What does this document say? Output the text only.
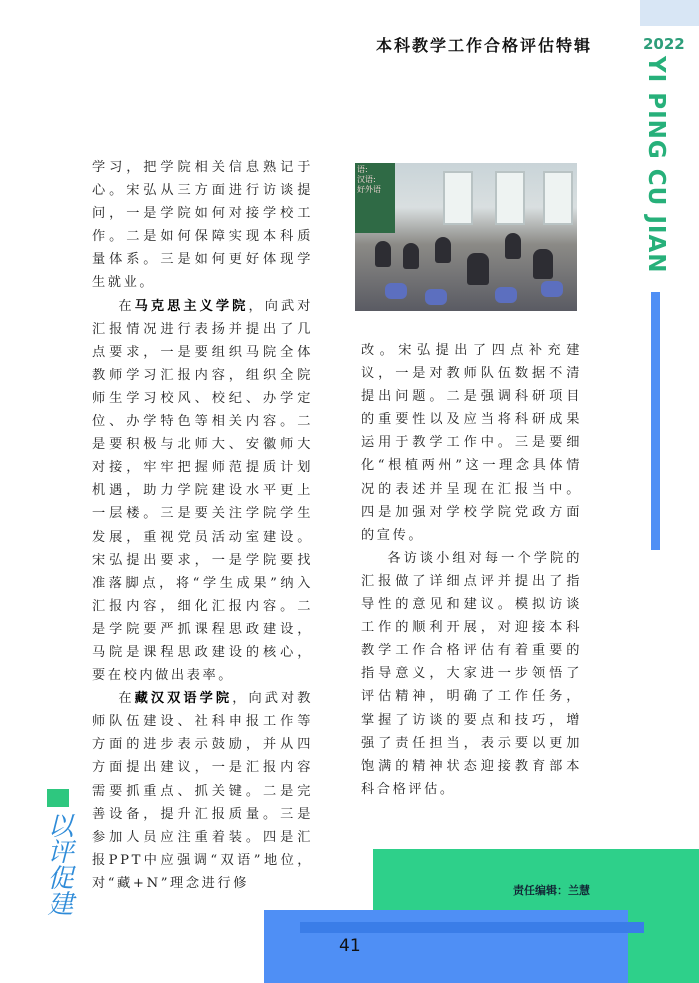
本科教学工作合格评估特辑	2022
YI PING CU JIAN

学习，把学院相关信息熟记于心。宋弘从三方面进行访谈提问，一是学院如何对接学校工作。二是如何保障实现本科质量体系。三是如何更好体现学生就业。

在马克思主义学院，向武对汇报情况进行表扬并提出了几点要求，一是要组织马院全体教师学习汇报内容，组织全院师生学习校风、校纪、办学定位、办学特色等相关内容。二是要积极与北师大、安徽师大对接，牢牢把握师范提质计划机遇，助力学院建设水平更上一层楼。三是要关注学院学生发展，重视党员活动室建设。宋弘提出要求，一是学院要找准落脚点，将“学生成果”纳入汇报内容，细化汇报内容。二是学院要严抓课程思政建设，马院是课程思政建设的核心，要在校内做出表率。

在藏汉双语学院，向武对教师队伍建设、社科申报工作等方面的进步表示鼓励，并从四方面提出建议，一是汇报内容需要抓重点、抓关键。二是完善设备，提升汇报质量。三是参加人员应注重着装。四是汇报PPT中应强调“双语”地位，对“藏+N”理念进行修

语:
汉语:
好外语

改。宋弘提出了四点补充建议，一是对教师队伍数据不清提出问题。二是强调科研项目的重要性以及应当将科研成果运用于教学工作中。三是要细化“根植两州”这一理念具体情况的表述并呈现在汇报当中。四是加强对学校学院党政方面的宣传。

各访谈小组对每一个学院的汇报做了详细点评并提出了指导性的意见和建议。模拟访谈工作的顺利开展，对迎接本科教学工作合格评估有着重要的指导意义，大家进一步领悟了评估精神，明确了工作任务，掌握了访谈的要点和技巧，增强了责任担当，表示要以更加饱满的精神状态迎接教育部本科合格评估。

以评促建	责任编辑：兰慧
41
